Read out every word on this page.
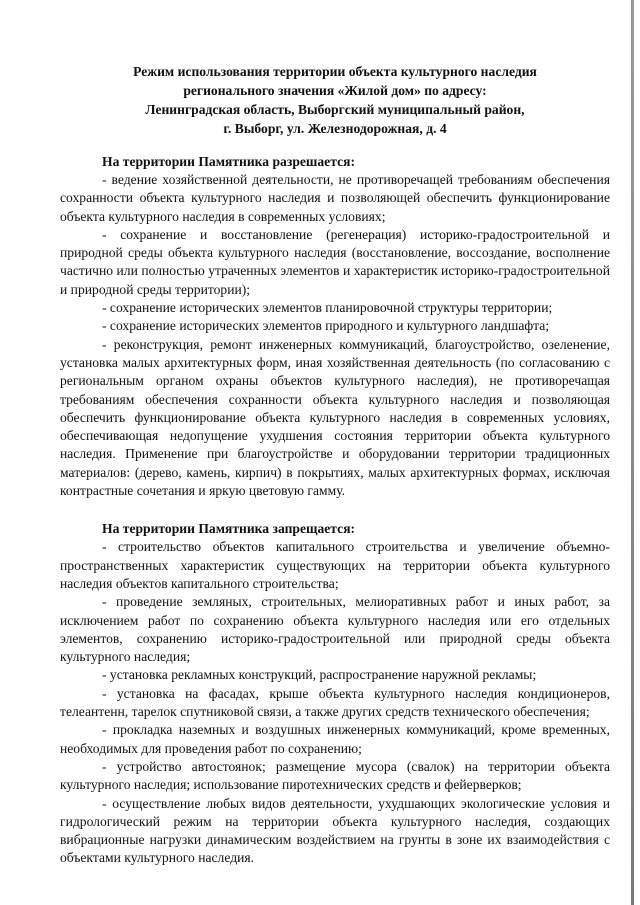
Режим использования территории объекта культурного наследия
регионального значения «Жилой дом» по адресу:
Ленинградская область, Выборгский муниципальный район,
г. Выборг, ул. Железнодорожная, д. 4

На территории Памятника разрешается:

- ведение хозяйственной деятельности, не противоречащей требованиям обеспечения сохранности объекта культурного наследия и позволяющей обеспечить функционирование объекта культурного наследия в современных условиях;

- сохранение и восстановление (регенерация) историко-градостроительной и природной среды объекта культурного наследия (восстановление, воссоздание, восполнение частично или полностью утраченных элементов и характеристик историко-градостроительной и природной среды территории);

- сохранение исторических элементов планировочной структуры территории;

- сохранение исторических элементов природного и культурного ландшафта;

- реконструкция, ремонт инженерных коммуникаций, благоустройство, озеленение, установка малых архитектурных форм, иная хозяйственная деятельность (по согласованию с региональным органом охраны объектов культурного наследия), не противоречащая требованиям обеспечения сохранности объекта культурного наследия и позволяющая обеспечить функционирование объекта культурного наследия в современных условиях, обеспечивающая недопущение ухудшения состояния территории объекта культурного наследия. Применение при благоустройстве и оборудовании территории традиционных материалов: (дерево, камень, кирпич) в покрытиях, малых архитектурных формах, исключая контрастные сочетания и яркую цветовую гамму.

На территории Памятника запрещается:

- строительство объектов капитального строительства и увеличение объемно-пространственных характеристик существующих на территории объекта культурного наследия объектов капитального строительства;

- проведение земляных, строительных, мелиоративных работ и иных работ, за исключением работ по сохранению объекта культурного наследия или его отдельных элементов, сохранению историко-градостроительной или природной среды объекта культурного наследия;

- установка рекламных конструкций, распространение наружной рекламы;

- установка на фасадах, крыше объекта культурного наследия кондиционеров, телеантенн, тарелок спутниковой связи, а также других средств технического обеспечения;

- прокладка наземных и воздушных инженерных коммуникаций, кроме временных, необходимых для проведения работ по сохранению;

- устройство автостоянок; размещение мусора (свалок) на территории объекта культурного наследия; использование пиротехнических средств и фейерверков;

- осуществление любых видов деятельности, ухудшающих экологические условия и гидрологический режим на территории объекта культурного наследия, создающих вибрационные нагрузки динамическим воздействием на грунты в зоне их взаимодействия с объектами культурного наследия.
